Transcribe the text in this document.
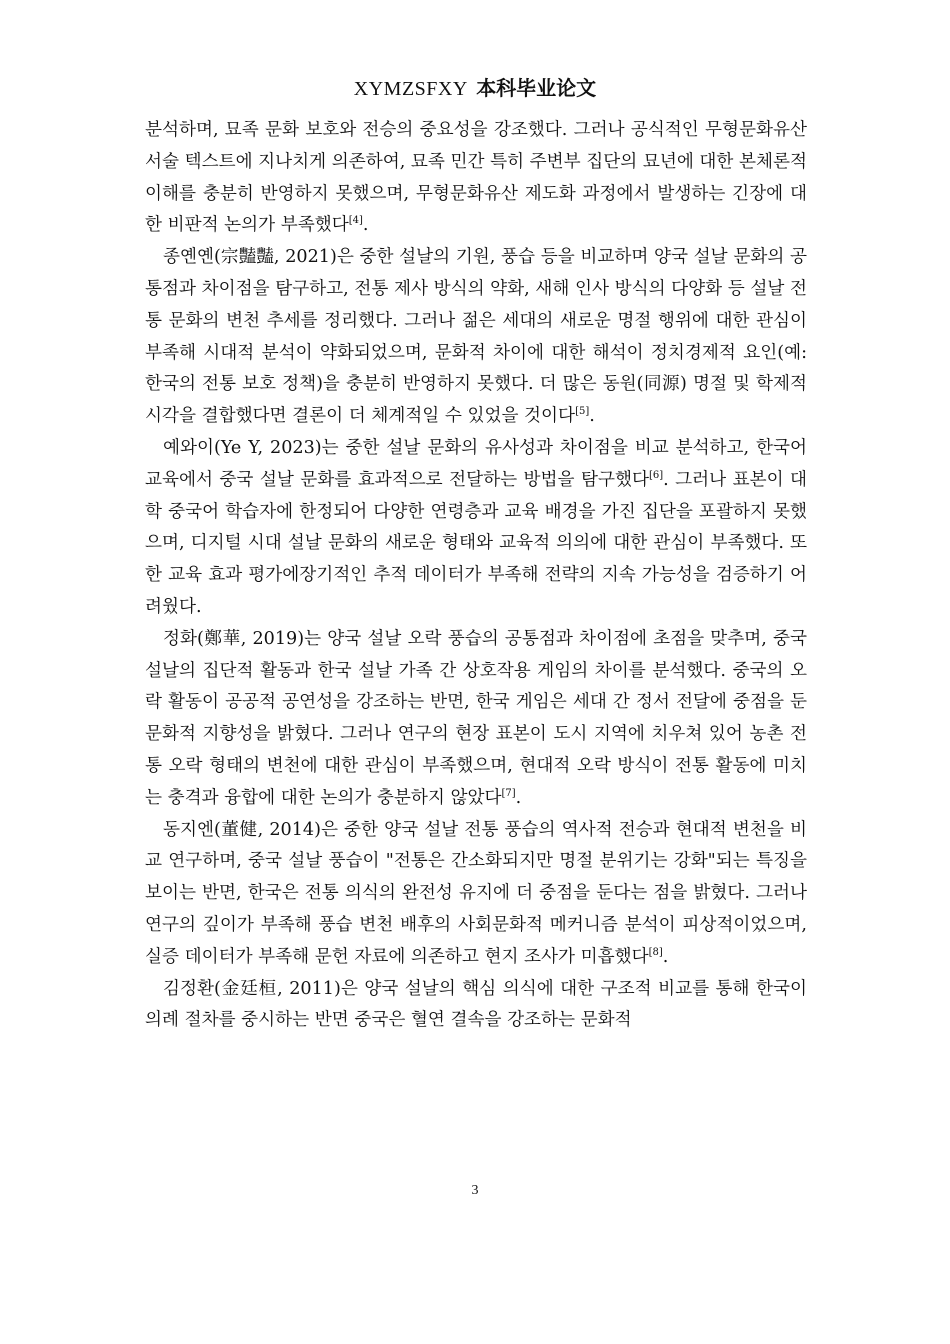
XYMZSFXY 本科毕业论文

분석하며, 묘족 문화 보호와 전승의 중요성을 강조했다. 그러나 공식적인 무형문화유산 서술 텍스트에 지나치게 의존하여, 묘족 민간 특히 주변부 집단의 묘년에 대한 본체론적 이해를 충분히 반영하지 못했으며, 무형문화유산 제도화 과정에서 발생하는 긴장에 대한 비판적 논의가 부족했다[4].

종옌옌(宗豔豔, 2021)은 중한 설날의 기원, 풍습 등을 비교하며 양국 설날 문화의 공통점과 차이점을 탐구하고, 전통 제사 방식의 약화, 새해 인사 방식의 다양화 등 설날 전통 문화의 변천 추세를 정리했다. 그러나 젊은 세대의 새로운 명절 행위에 대한 관심이 부족해 시대적 분석이 약화되었으며, 문화적 차이에 대한 해석이 정치경제적 요인(예: 한국의 전통 보호 정책)을 충분히 반영하지 못했다. 더 많은 동원(同源) 명절 및 학제적 시각을 결합했다면 결론이 더 체계적일 수 있었을 것이다[5].

예와이(Ye Y, 2023)는 중한 설날 문화의 유사성과 차이점을 비교 분석하고, 한국어 교육에서 중국 설날 문화를 효과적으로 전달하는 방법을 탐구했다[6]. 그러나 표본이 대학 중국어 학습자에 한정되어 다양한 연령층과 교육 배경을 가진 집단을 포괄하지 못했으며, 디지털 시대 설날 문화의 새로운 형태와 교육적 의의에 대한 관심이 부족했다. 또한 교육 효과 평가에장기적인 추적 데이터가 부족해 전략의 지속 가능성을 검증하기 어려웠다.

정화(鄭華, 2019)는 양국 설날 오락 풍습의 공통점과 차이점에 초점을 맞추며, 중국 설날의 집단적 활동과 한국 설날 가족 간 상호작용 게임의 차이를 분석했다. 중국의 오락 활동이 공공적 공연성을 강조하는 반면, 한국 게임은 세대 간 정서 전달에 중점을 둔 문화적 지향성을 밝혔다. 그러나 연구의 현장 표본이 도시 지역에 치우쳐 있어 농촌 전통 오락 형태의 변천에 대한 관심이 부족했으며, 현대적 오락 방식이 전통 활동에 미치는 충격과 융합에 대한 논의가 충분하지 않았다[7].

동지엔(董健, 2014)은 중한 양국 설날 전통 풍습의 역사적 전승과 현대적 변천을 비교 연구하며, 중국 설날 풍습이 "전통은 간소화되지만 명절 분위기는 강화"되는 특징을 보이는 반면, 한국은 전통 의식의 완전성 유지에 더 중점을 둔다는 점을 밝혔다. 그러나 연구의 깊이가 부족해 풍습 변천 배후의 사회문화적 메커니즘 분석이 피상적이었으며, 실증 데이터가 부족해 문헌 자료에 의존하고 현지 조사가 미흡했다[8].

김정환(金廷桓, 2011)은 양국 설날의 핵심 의식에 대한 구조적 비교를 통해 한국이 의례 절차를 중시하는 반면 중국은 혈연 결속을 강조하는 문화적

3
